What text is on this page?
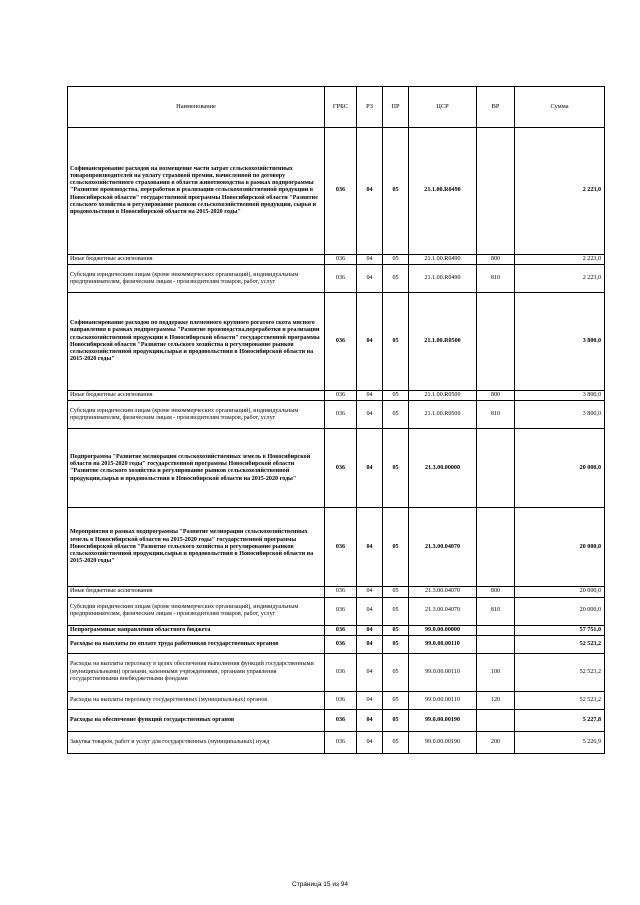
Наименование	ГРБС	РЗ	ПР	ЦСР	ВР	Сумма
Софинансирование расходов на возмещение части затрат сельскохозяйственных товаропроизводителей на уплату страховой премии, начисленной по договору сельскохозяйственного страхования в области животноводства в рамках подпрограммы "Развитие производства, переработки и реализации сельскохозяйственной продукции в Новосибирской области" государственной программы Новосибирской области "Развитие сельского хозяйства и регулирование рынков сельскохозяйственной продукции, сырья и продовольствия в Новосибирской области на 2015-2020 годы"	036	04	05	21.1.00.R0490		2 223,0
Иные бюджетные ассигнования	036	04	05	21.1.00.R0490	800	2 223,0
Субсидии юридическим лицам (кроме некоммерческих организаций), индивидуальным предпринимателям, физическим лицам - производителям товаров, работ, услуг	036	04	05	21.1.00.R0490	810	2 223,0
Софинансирование расходов по поддержке племенного крупного рогатого скота мясного направления в рамках подпрограммы "Развитие производства,переработки и реализации сельскохозяйственной продукции в Новосибирской области" государственной программы Новосибирской области "Развитие сельского хозяйства и регулирование рынков сельскохозяйственной продукции,сырья и продовольствия в Новосибирской области на 2015-2020 годы"	036	04	05	21.1.00.R0500		3 800,0
Иные бюджетные ассигнования	036	04	05	21.1.00.R0500	800	3 800,0
Субсидии юридическим лицам (кроме некоммерческих организаций), индивидуальным предпринимателям, физическим лицам - производителям товаров, работ, услуг	036	04	05	21.1.00.R0500	810	3 800,0
Подпрограмма "Развитие мелиорации сельскохозяйственных земель в Новосибирской области на 2015-2020 годы" государственной программы Новосибирской области "Развитие сельского хозяйства и регулирование рынков сельскохозяйственной продукции,сырья и продовольствия в Новосибирской области на 2015-2020 годы"	036	04	05	21.3.00.00000		20 000,0
Мероприятия в рамках подпрограммы "Развитие мелиорации сельскохозяйственных земель в Новосибирской области на 2015-2020 годы" государственной программы Новосибирской области "Развитие сельского хозяйства и регулирование рынков сельскохозяйственной продукции,сырья и продовольствия в Новосибирской области на 2015-2020 годы"	036	04	05	21.3.00.04070		20 000,0
Иные бюджетные ассигнования	036	04	05	21.3.00.04070	800	20 000,0
Субсидии юридическим лицам (кроме некоммерческих организаций), индивидуальным предпринимателям, физическим лицам - производителям товаров, работ, услуг	036	04	05	21.3.00.04070	810	20 000,0
Непрограммные направления областного бюджета	036	04	05	99.0.00.00000		57 751,0
Расходы на выплаты по оплате труда работников государственных органов	036	04	05	99.0.00.00110		52 523,2
Расходы на выплаты персоналу в целях обеспечения выполнения функций государственными (муниципальными) органами, казенными учреждениями, органами управления государственными внебюджетными фондами	036	04	05	99.0.00.00110	100	52 523,2
Расходы на выплаты персоналу государственных (муниципальных) органов	036	04	05	99.0.00.00110	120	52 523,2
Расходы на обеспечение функций государственных органов	036	04	05	99.0.00.00190		5 227,8
Закупка товаров, работ и услуг для государственных (муниципальных) нужд	036	04	05	99.0.00.00190	200	5 226,9
Страница 15 из 94
